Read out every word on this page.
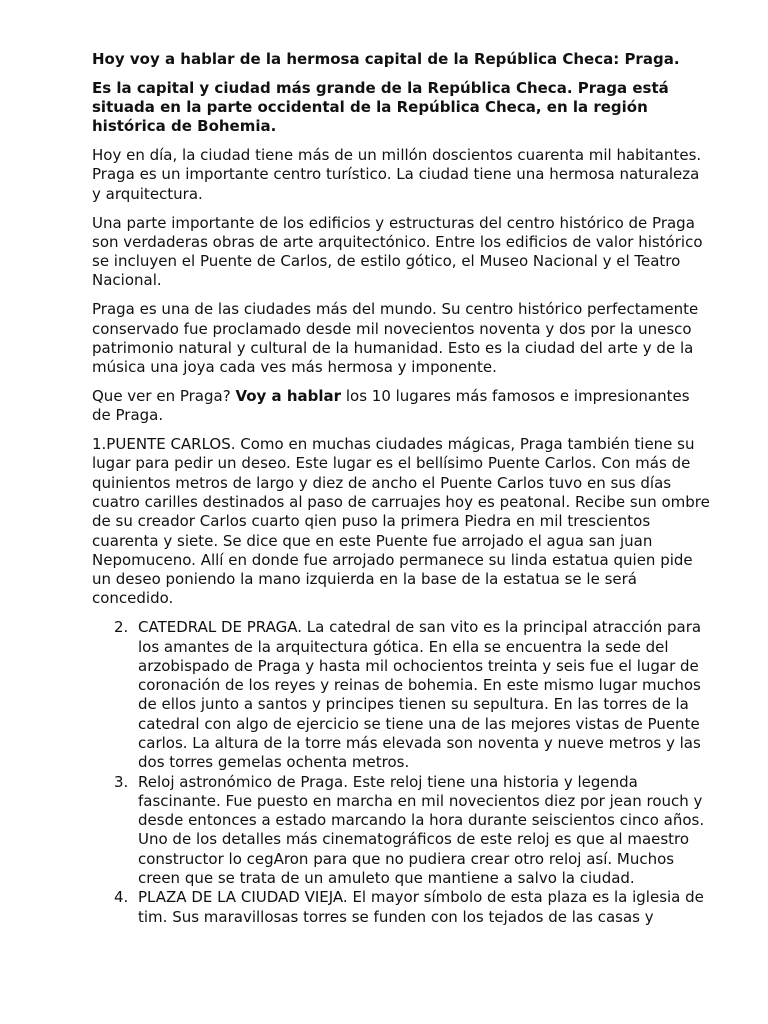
Hoy voy a hablar de la hermosa capital de la República Checa: Praga.

Es la capital y ciudad más grande de la República Checa. Praga está situada en la parte occidental de la República Checa, en la región histórica de Bohemia.

Hoy en día, la ciudad tiene más de un millón doscientos cuarenta mil habitantes. Praga es un importante centro turístico. La ciudad tiene una hermosa naturaleza y arquitectura.

Una parte importante de los edificios y estructuras del centro histórico de Praga son verdaderas obras de arte arquitectónico. Entre los edificios de valor histórico se incluyen el Puente de Carlos, de estilo gótico, el Museo Nacional y el Teatro Nacional.

Praga es una de las ciudades más del mundo. Su centro histórico perfectamente conservado fue proclamado desde mil novecientos noventa y dos por la unesco patrimonio natural y cultural de la humanidad. Esto es la ciudad del arte y de la música una joya cada ves más hermosa y imponente.

Que ver en Praga? Voy a hablar los 10 lugares más famosos e impresionantes de Praga.

1.PUENTE CARLOS. Como en muchas ciudades mágicas, Praga también tiene su lugar para pedir un deseo. Este lugar es el bellísimo Puente Carlos. Con más de quinientos metros de largo y diez de ancho el Puente Carlos tuvo en sus días cuatro carilles destinados al paso de carruajes hoy es peatonal. Recibe sun ombre de su creador Carlos cuarto qien puso la primera Piedra en mil trescientos cuarenta y siete. Se dice que en este Puente fue arrojado el agua san juan Nepomuceno. Allí en donde fue arrojado permanece su linda estatua quien pide un deseo poniendo la mano izquierda en la base de la estatua se le será concedido.

2. CATEDRAL DE PRAGA. La catedral de san vito es la principal atracción para los amantes de la arquitectura gótica. En ella se encuentra la sede del arzobispado de Praga y hasta mil ochocientos treinta y seis fue el lugar de coronación de los reyes y reinas de bohemia. En este mismo lugar muchos de ellos junto a santos y principes tienen su sepultura. En las torres de la catedral con algo de ejercicio se tiene una de las mejores vistas de Puente carlos. La altura de la torre más elevada son noventa y nueve metros y las dos torres gemelas ochenta metros.
3. Reloj astronómico de Praga. Este reloj tiene una historia y legenda fascinante. Fue puesto en marcha en mil novecientos diez por jean rouch y desde entonces a estado marcando la hora durante seiscientos cinco años. Uno de los detalles más cinematográficos de este reloj es que al maestro constructor lo cegAron para que no pudiera crear otro reloj así. Muchos creen que se trata de un amuleto que mantiene a salvo la ciudad.
4. PLAZA DE LA CIUDAD VIEJA. El mayor símbolo de esta plaza es la iglesia de tim. Sus maravillosas torres se funden con los tejados de las casas y
